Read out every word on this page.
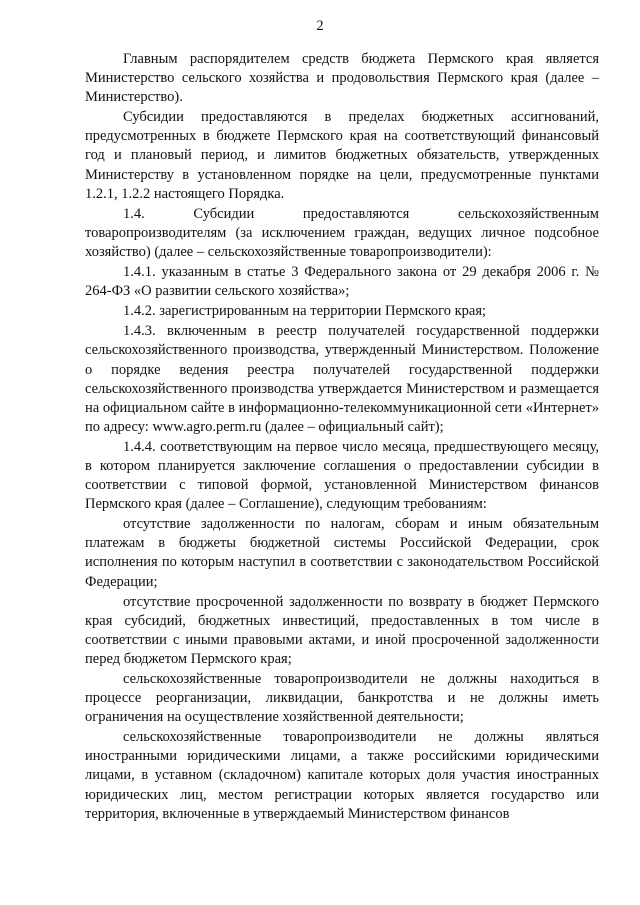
2

Главным распорядителем средств бюджета Пермского края является Министерство сельского хозяйства и продовольствия Пермского края (далее – Министерство).

Субсидии предоставляются в пределах бюджетных ассигнований, предусмотренных в бюджете Пермского края на соответствующий финансовый год и плановый период, и лимитов бюджетных обязательств, утвержденных Министерству в установленном порядке на цели, предусмотренные пунктами 1.2.1, 1.2.2 настоящего Порядка.

1.4. Субсидии предоставляются сельскохозяйственным товаропроизводителям (за исключением граждан, ведущих личное подсобное хозяйство) (далее – сельскохозяйственные товаропроизводители):

1.4.1. указанным в статье 3 Федерального закона от 29 декабря 2006 г. № 264-ФЗ «О развитии сельского хозяйства»;

1.4.2. зарегистрированным на территории Пермского края;

1.4.3. включенным в реестр получателей государственной поддержки сельскохозяйственного производства, утвержденный Министерством. Положение о порядке ведения реестра получателей государственной поддержки сельскохозяйственного производства утверждается Министерством и размещается на официальном сайте в информационно-телекоммуникационной сети «Интернет» по адресу: www.agro.perm.ru (далее – официальный сайт);

1.4.4. соответствующим на первое число месяца, предшествующего месяцу, в котором планируется заключение соглашения о предоставлении субсидии в соответствии с типовой формой, установленной Министерством финансов Пермского края (далее – Соглашение), следующим требованиям:

отсутствие задолженности по налогам, сборам и иным обязательным платежам в бюджеты бюджетной системы Российской Федерации, срок исполнения по которым наступил в соответствии с законодательством Российской Федерации;

отсутствие просроченной задолженности по возврату в бюджет Пермского края субсидий, бюджетных инвестиций, предоставленных в том числе в соответствии с иными правовыми актами, и иной просроченной задолженности перед бюджетом Пермского края;

сельскохозяйственные товаропроизводители не должны находиться в процессе реорганизации, ликвидации, банкротства и не должны иметь ограничения на осуществление хозяйственной деятельности;

сельскохозяйственные товаропроизводители не должны являться иностранными юридическими лицами, а также российскими юридическими лицами, в уставном (складочном) капитале которых доля участия иностранных юридических лиц, местом регистрации которых является государство или территория, включенные в утверждаемый Министерством финансов
